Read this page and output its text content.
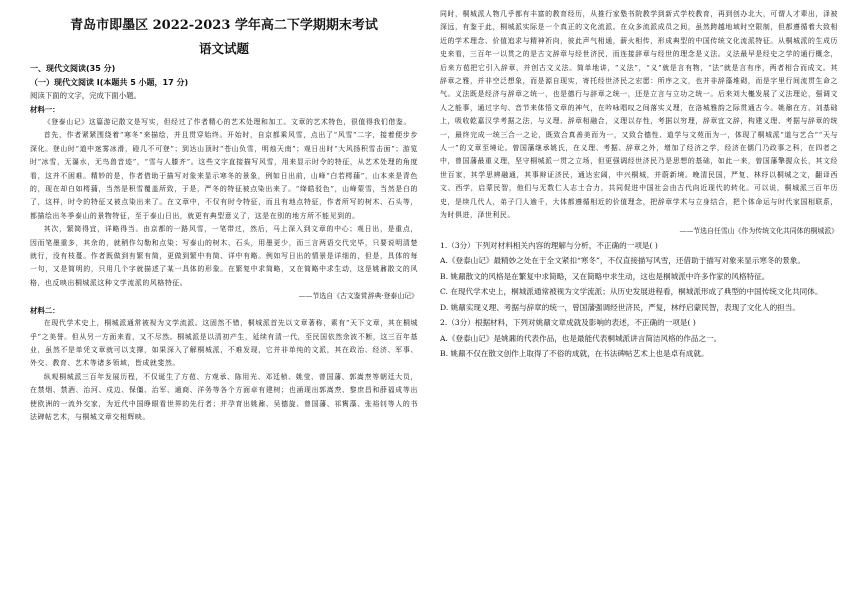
青岛市即墨区 2022-2023 学年高二下学期期末考试

语文试题

一、现代文阅读(35 分)

（一）现代文阅读 I(本题共 5 小题，17 分)

阅读下面的文字，完成下面小题。

材料一：

《登泰山记》这篇游记散文是写实，但经过了作者精心的艺术处理和加工。文章的艺术特色，很值得我们借鉴。

首先，作者紧紧围绕着“寒冬”来描绘，并且贯穿始终。开始时，自京都乘风雪，点出了“风雪”二字，接着便步步深化。登山时“道中迷雾冰滑，磴几不可登”；到达山顶时“苍山负雪，明烛天南”；观日出时“大风扬积雪击面”；游览时“冰雪，无瀑水，无鸟兽音迹”，“雪与人膝齐”。这些文字直接描写风雪，用来显示时令的特征，从艺术处理的角度看，这并不困难。精妙的是，作者借助于描写对象来显示寒冬的景象，例如日出前，山峰“白若樗蒱”，山本来是青色的，现在却白如樗蒱，当然是积雪覆盖所致，于是，严冬的特征被点染出来了。“绛皓驳色”，山峰蒙雪，当然是白的了，这样，时令的特征又被点染出来了。在文章中，不仅有时令特征，而且有地点特征，作者所写的树木、石头等，都描绘出冬季泰山的景物特征，至于泰山日出，就更有典型意义了，这是在别的地方所不能见到的。

其次，繁简得宜，详略得当。由京都的一路风雪，一笔带过，然后，马上深入到文章的中心；观日出，是重点，因而笔墨重多，其余的，就稍作勾勒和点染；写泰山的树木、石头，用墨更少，而三言两语交代完毕，只要说明清楚就行，没有枝蔓。作者既做到有繁有简，更做到繁中有简、详中有略。例如写日出的情景是详细的，但是，具体的每一句，又是简明的，只用几个字就描述了某一具体的形象。在繁复中求简略，又在简略中求生动，这是姚鼐散文的风格，也反映出桐城派这种文学流派的风格特征。

——节选自《古文鉴赏辞典·登泰山记》

材料二：

在现代学术史上，桐城派通常被视为文学流派。这固然不错，桐城派首先以文章著称，素有“天下文章，其在桐城乎”之美誉。但从另一方面来看，又不尽然。桐城派是以清初产生，延续有清一代，至民国依然余波不断，这三百年基业，虽然不是单凭文章就可以支撑，如果深入了解桐城派，不难发现，它并非单纯的文派，其在政治、经济、军事、外交、教育、艺术等诸多领域，皆成就斐然。

纵观桐城派三百年发展历程，不仅诞生了方苞、方观承、陈用光、邓廷桢、姚莹、曾国藩、郭嵩焘等朝廷大员，在禁烟、禁酒、治河、戍边、保僵、治军、通商、洋务等各个方面卓有建树；也涌现出郭嵩焘、黎庶昌和薛福成等出使欧洲的一流外交家，为近代中国睁眼看世界的先行者；并孕育出姚鼐、吴德旋、曾国藩、祁寯藻、张裕钊等人的书法碑帖艺术，与桐城文章交相辉映。

同时，桐城派人物几乎都有丰富的教育经历，从推行家塾书院教学到新式学校教育，再到创办北大，可谓人才辈出，泽被深远，有鉴于此，桐城派实际是一个真正的文化流派。在众多流派成员之间，虽然跨越地域时空限制，但都遵循着大致相近的学术理念、价值追求与精神祈向，彼此声气相通，薪火相传，形成典型的中国传统文化流派特征。从桐城派的生成历史来看，三百年一以贯之的是古文辞章与经世济民，而连接辞章与经世的理念是义法。义法最早是经史之学的通行概念，后来方苞把它引入辞章，并创古文义法。简单地讲，“义法”，“义”就是言有物，“法”就是言有序，两者相合而成文。其辞章之雅，并非空泛想象，而是源自现实，寄托经世济民之宏愿：所序之文，也并非辞藻堆砌，而是字里行间流贯生命之气。义法既是经济与辞章之统一，也是德行与辞章之统一，还是立言与立功之统一。后来刘大櫆发展了义法理论，强调文人之能事，通过字句、音节来体悟文章的神气，在吟咏唱叹之间落实义理，在洛城雅韵之际贯通古今。姚鼐在方、刘基础上，吸收乾嘉汉学考据之法，与义理、辞章相融合，义理以存性，考据以穷理，辞章宜文辞，构建义理、考据与辞章的统一，最终完成一统三合一之论，既致合真善美而为一，又致合德性、道学与文苑而为一，体现了桐城派“道与艺合”“天与人一”的文章至境论。曾国藩继承姚氏，在义理、考据、辞章之外，增加了经济之学，经济在儒门乃政事之科，在四者之中，曾国藩最重义理，坚守桐城派一贯之立场，但更强调经世济民乃是思想的基础，如此一来，曾国藩擎握众长，其文经世百家，其学思辨融通，其事辩证济民，通达宏阔，中兴桐城，并蔚新境。晚清民国，严复、林纾以桐城之文，翻译西文、西学，启蒙民智，他们与无数仁人志士合力，共同促进中国社会由古代向近现代的转化。可以说，桐城派三百年历史，是续几代人，弟子门人逾千，大体都遵循相近的价值理念，把辞章学术与立身结合，把个体命运与时代家国相联系，为时俱进，泽世利民。

——节选自任雪山《作为传统文化共同体的桐城派》

1.（3分）下列对材料相关内容的理解与分析，不正确的一项是( )

A.《登泰山记》最精妙之处在于全文紧扣“寒冬”，不仅直接描写风雪，还借助于描写对象来显示寒冬的景象。

B. 姚鼐散文的风格是在繁复中求简略，又在简略中求生动，这也是桐城派中许多作家的风格特征。

C. 在现代学术史上，桐城派通常被视为文学流派；从历史发展进程看，桐城派形成了典型的中国传统文化共同体。

D. 姚鼐实现义理、考据与辞章的统一，曾国藩强调经世济民，严复，林纾启蒙民智，表现了文化人的担当。

2.（3分）根据材料，下列对姚鼐文章成就及影响的表述，不正确的一项是( )

A.《登泰山记》是姚鼐的代表作品，也是最能代表桐城派讲言简洁风格的作品之一。

B. 姚鼐不仅在散文创作上取得了不俗的成就，在书法碑帖艺术上也是卓有成就。
